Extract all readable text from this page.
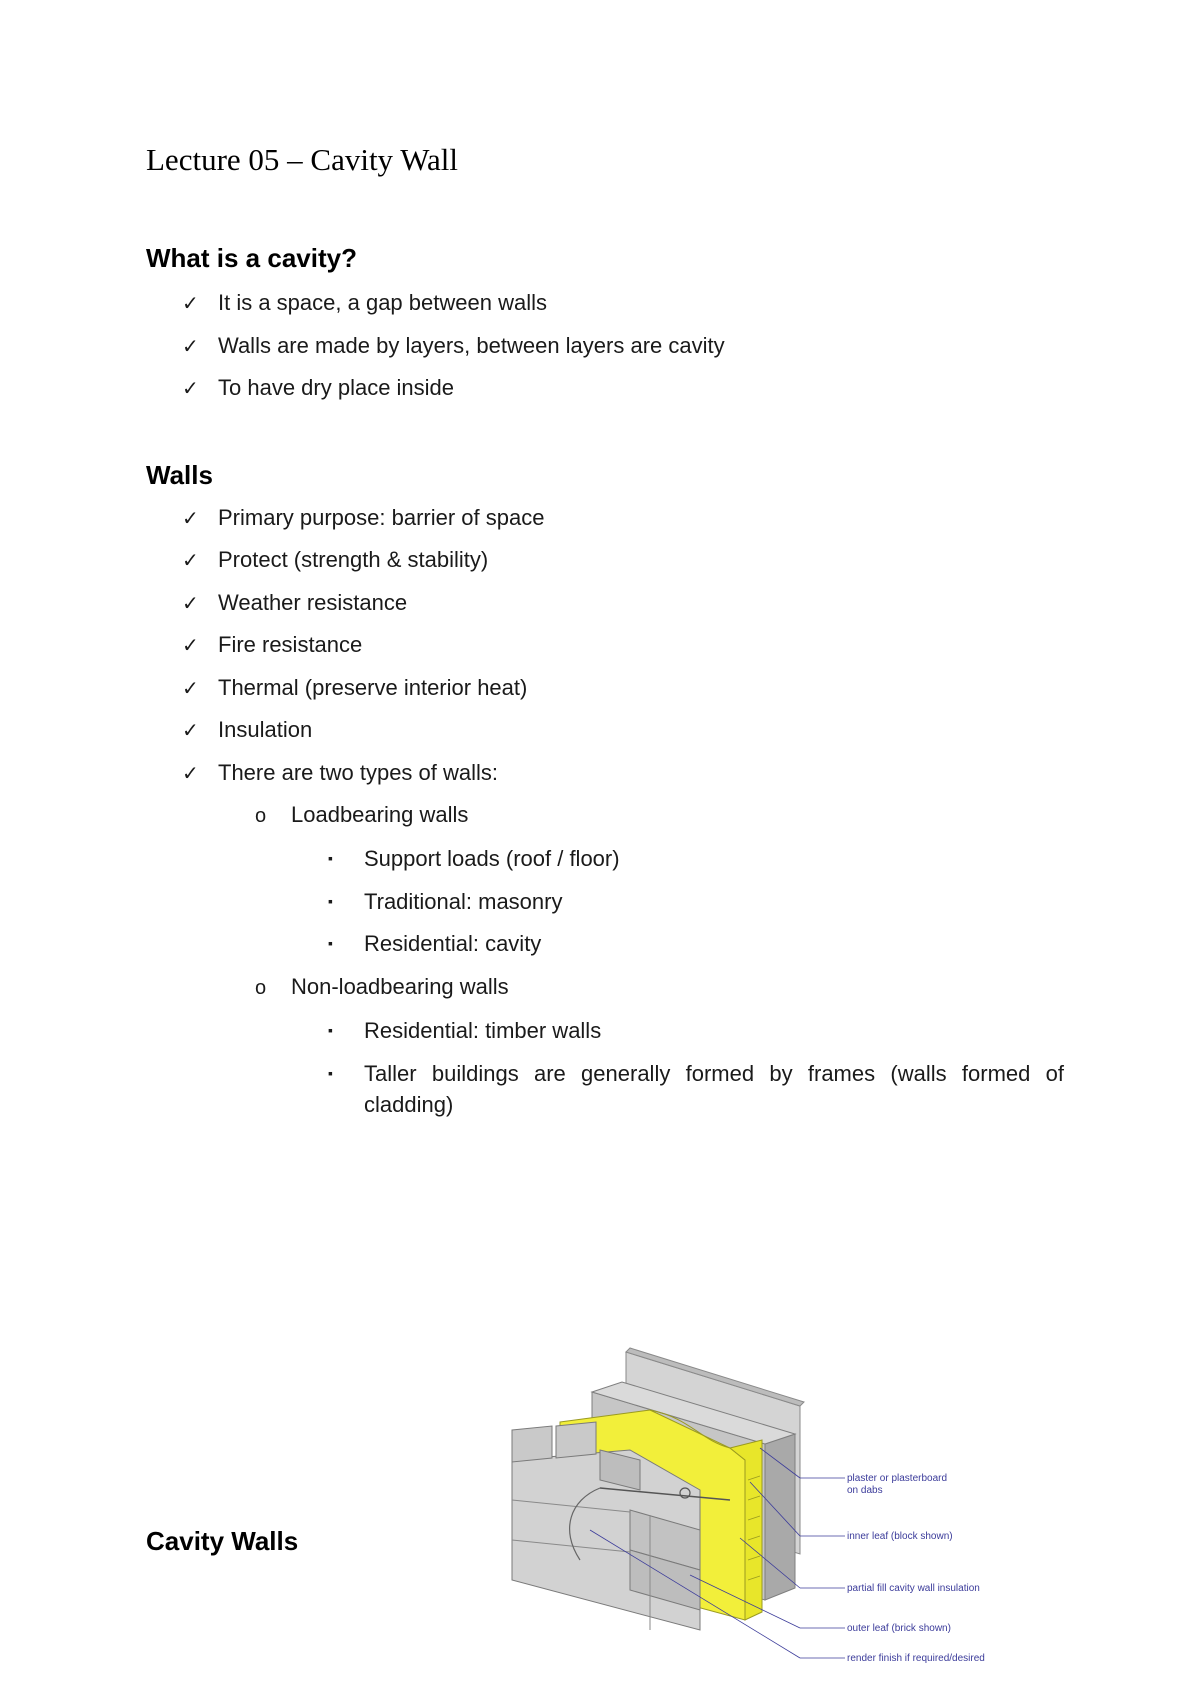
Lecture 05 – Cavity Wall
What is a cavity?
✓ It is a space, a gap between walls
✓ Walls are made by layers, between layers are cavity
✓ To have dry place inside
Walls
✓ Primary purpose: barrier of space
✓ Protect (strength & stability)
✓ Weather resistance
✓ Fire resistance
✓ Thermal (preserve interior heat)
✓ Insulation
✓ There are two types of walls:
o	Loadbearing walls
▪	Support loads (roof / floor)
▪	Traditional: masonry
▪	Residential: cavity
o	Non-loadbearing walls
▪	Residential: timber walls
▪	Taller buildings are generally formed by frames (walls formed of cladding)
Cavity Walls
plaster or plasterboard
on dabs
inner leaf (block shown)
partial fill cavity wall insulation
outer leaf (brick shown)
render finish if required/desired
